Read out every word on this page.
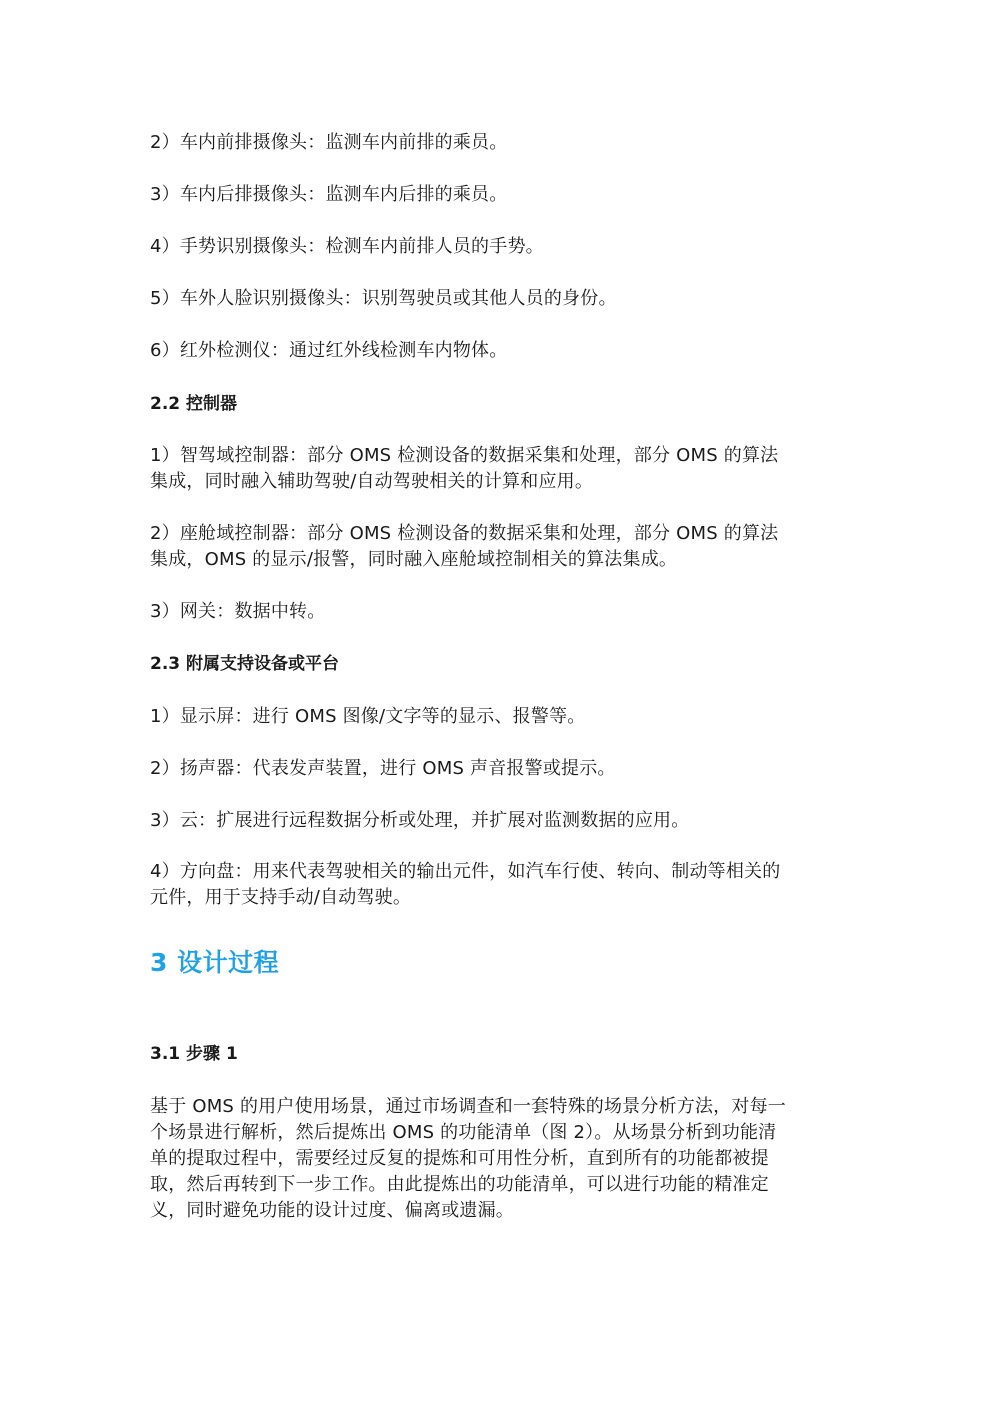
2）车内前排摄像头：监测车内前排的乘员。

3）车内后排摄像头：监测车内后排的乘员。

4）手势识别摄像头：检测车内前排人员的手势。

5）车外人脸识别摄像头：识别驾驶员或其他人员的身份。

6）红外检测仪：通过红外线检测车内物体。

2.2 控制器
1）智驾域控制器：部分 OMS 检测设备的数据采集和处理，部分 OMS 的算法
集成，同时融入辅助驾驶/自动驾驶相关的计算和应用。
2）座舱域控制器：部分 OMS 检测设备的数据采集和处理，部分 OMS 的算法
集成，OMS 的显示/报警，同时融入座舱域控制相关的算法集成。

3）网关：数据中转。

2.3 附属支持设备或平台

1）显示屏：进行 OMS 图像/文字等的显示、报警等。

2）扬声器：代表发声装置，进行 OMS 声音报警或提示。

3）云：扩展进行远程数据分析或处理，并扩展对监测数据的应用。

4）方向盘：用来代表驾驶相关的输出元件，如汽车行使、转向、制动等相关的
元件，用于支持手动/自动驾驶。
3 设计过程
3.1 步骤 1
基于 OMS 的用户使用场景，通过市场调查和一套特殊的场景分析方法，对每一
个场景进行解析，然后提炼出 OMS 的功能清单（图 2）。从场景分析到功能清
单的提取过程中，需要经过反复的提炼和可用性分析，直到所有的功能都被提
取，然后再转到下一步工作。由此提炼出的功能清单，可以进行功能的精准定
义，同时避免功能的设计过度、偏离或遗漏。
